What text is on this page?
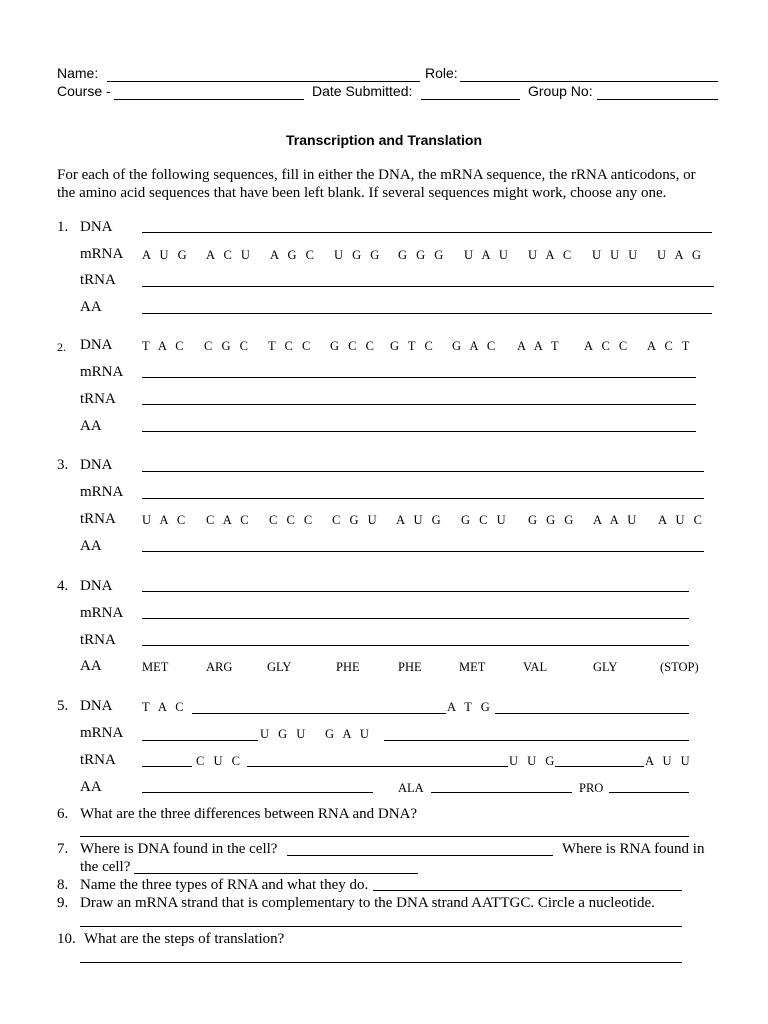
Name:	Role:
Course -	Date Submitted:	Group No:
Transcription and Translation
For each of the following sequences, fill in either the DNA, the mRNA sequence, the rRNA anticodons, or
the amino acid sequences that have been left blank. If several sequences might work, choose any one.
1. DNA
mRNA A U G A C U A G C U G G G G G U A U U A C U U U U A G
tRNA
AA
2. DNA T A C C G C T C C G C C G T C G A C A A T A C C A C T
mRNA
tRNA
AA
3. DNA
mRNA
tRNA U A C C A C C C C C G U A U G G C U G G G A A U A U C
AA
4. DNA
mRNA
tRNA
AA	MET	ARG	GLY	PHE	PHE	MET	VAL	GLY	(STOP)
5. DNA T A C	A T G
mRNA	U G U G A U
tRNA	C U C	U U G	A U U
AA	ALA	PRO
6. What are the three differences between RNA and DNA?
7. Where is DNA found in the cell?	Where is RNA found in
the cell?
8. Name the three types of RNA and what they do.
9. Draw an mRNA strand that is complementary to the DNA strand AATTGC. Circle a nucleotide.
10. What are the steps of translation?
